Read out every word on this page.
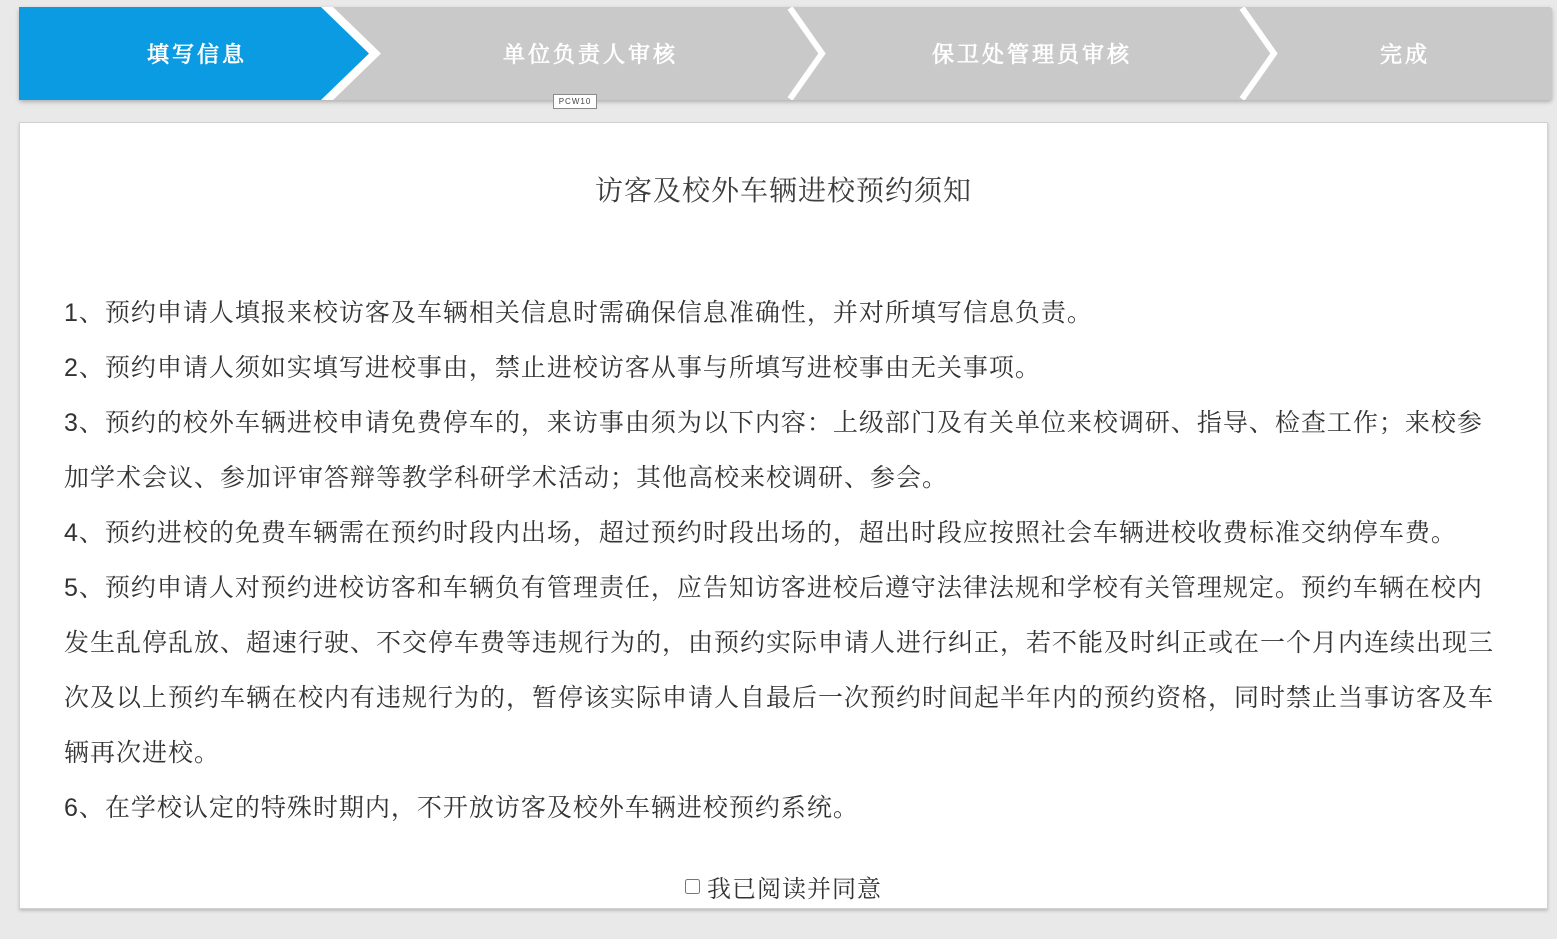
填写信息	单位负责人审核	保卫处管理员审核	完成
PCW10
访客及校外车辆进校预约须知

1、预约申请人填报来校访客及车辆相关信息时需确保信息准确性，并对所填写信息负责。

2、预约申请人须如实填写进校事由，禁止进校访客从事与所填写进校事由无关事项。

3、预约的校外车辆进校申请免费停车的，来访事由须为以下内容：上级部门及有关单位来校调研、指导、检查工作；来校参加学术会议、参加评审答辩等教学科研学术活动；其他高校来校调研、参会。

4、预约进校的免费车辆需在预约时段内出场，超过预约时段出场的，超出时段应按照社会车辆进校收费标准交纳停车费。

5、预约申请人对预约进校访客和车辆负有管理责任，应告知访客进校后遵守法律法规和学校有关管理规定。预约车辆在校内发生乱停乱放、超速行驶、不交停车费等违规行为的，由预约实际申请人进行纠正，若不能及时纠正或在一个月内连续出现三次及以上预约车辆在校内有违规行为的，暂停该实际申请人自最后一次预约时间起半年内的预约资格，同时禁止当事访客及车辆再次进校。

6、在学校认定的特殊时期内，不开放访客及校外车辆进校预约系统。

我已阅读并同意
